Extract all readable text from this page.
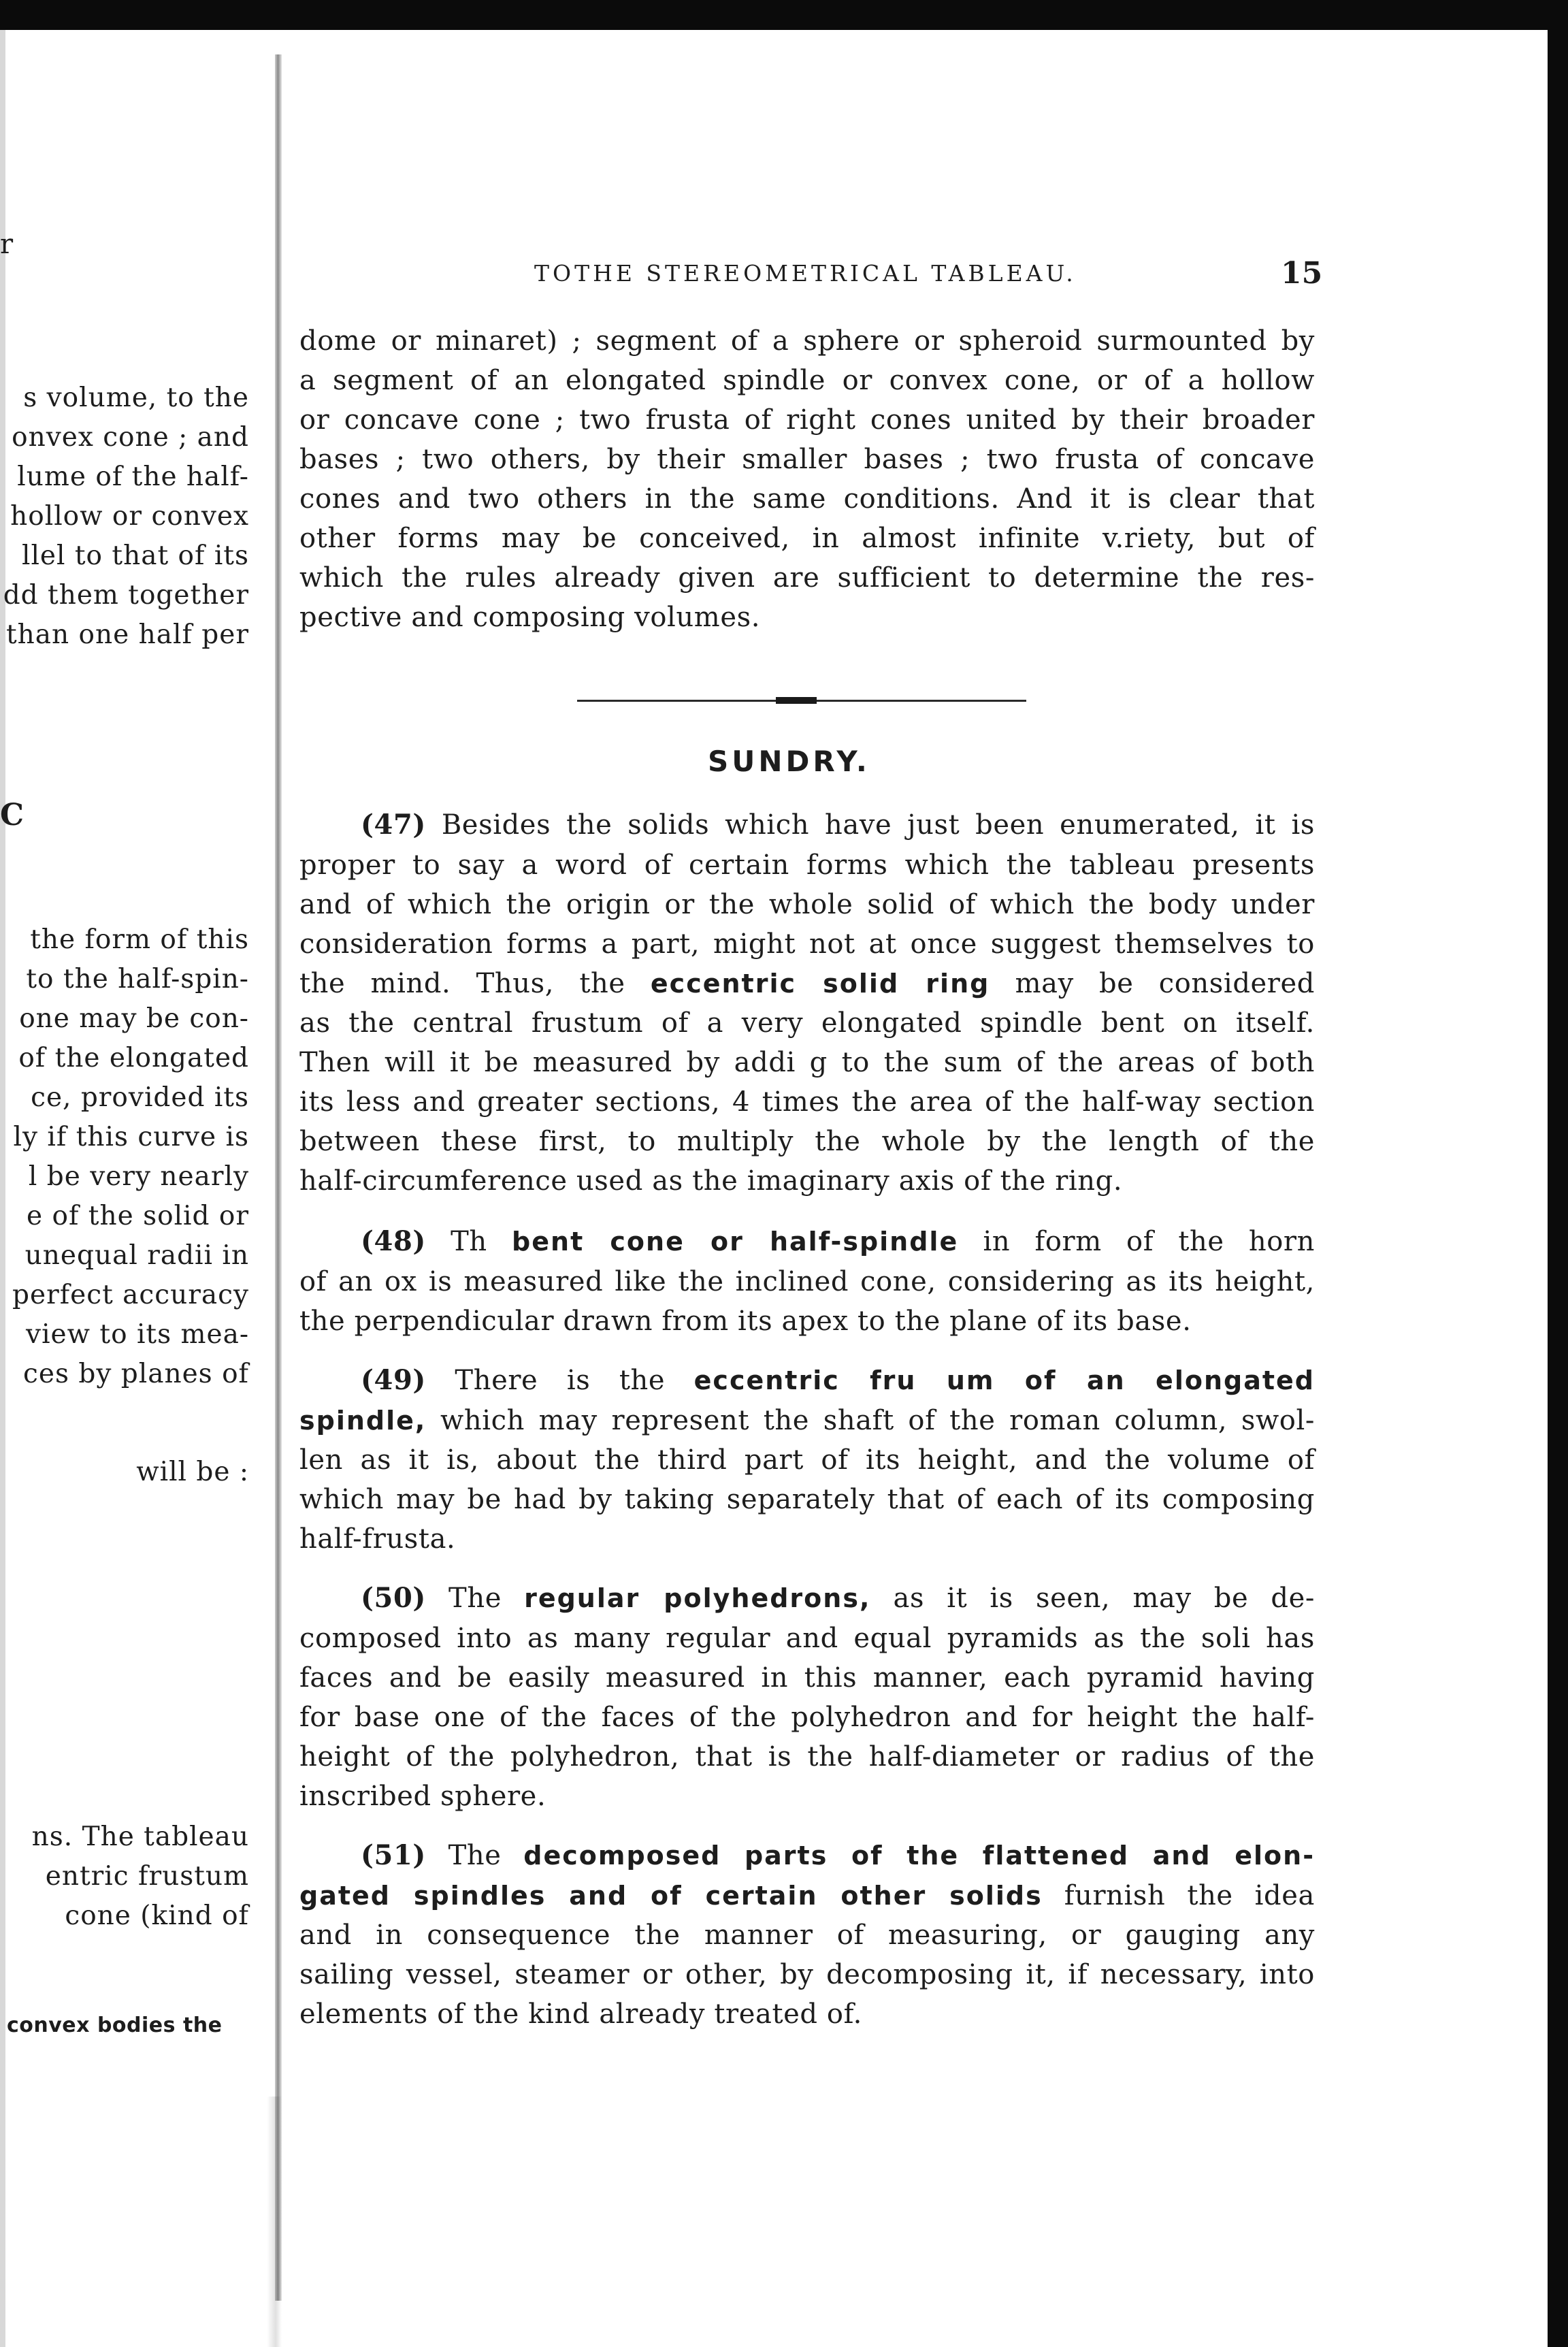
r
s volume, to the
onvex cone ; and
lume of the half-
hollow or convex
llel to that of its
dd them together
than one half per
C
the form of this
to the half-spin-
one may be con-
of the elongated
ce, provided its
ly if this curve is
l be very nearly
e of the solid or
unequal radii in
perfect accuracy
view to its mea-
ces by planes of
will be :
ns. The tableau
entric frustum
cone (kind of
convex bodies the
TOTHE STEREOMETRICAL TABLEAU.	15
dome or minaret) ; segment of a sphere or spheroid surmounted by
a segment of an elongated spindle or convex cone, or of a hollow
or concave cone ; two frusta of right cones united by their broader
bases ; two others, by their smaller bases ; two frusta of concave
cones and two others in the same conditions. And it is clear that
other forms may be conceived, in almost infinite v.riety, but of
which the rules already given are sufficient to determine the res-
pective and composing volumes.
SUNDRY.
(47) Besides the solids which have just been enumerated, it is
proper to say a word of certain forms which the tableau presents
and of which the origin or the whole solid of which the body under
consideration forms a part, might not at once suggest themselves to
the mind. Thus, the eccentric solid ring may be considered
as the central frustum of a very elongated spindle bent on itself.
Then will it be measured by addi g to the sum of the areas of both
its less and greater sections, 4 times the area of the half-way section
between these first, to multiply the whole by the length of the
half-circumference used as the imaginary axis of the ring.
(48) Th bent cone or half-spindle in form of the horn
of an ox is measured like the inclined cone, considering as its height,
the perpendicular drawn from its apex to the plane of its base.
(49) There is the eccentric fru um of an elongated
spindle, which may represent the shaft of the roman column, swol-
len as it is, about the third part of its height, and the volume of
which may be had by taking separately that of each of its composing
half-frusta.
(50) The regular polyhedrons, as it is seen, may be de-
composed into as many regular and equal pyramids as the soli has
faces and be easily measured in this manner, each pyramid having
for base one of the faces of the polyhedron and for height the half-
height of the polyhedron, that is the half-diameter or radius of the
inscribed sphere.
(51) The decomposed parts of the flattened and elon-
gated spindles and of certain other solids furnish the idea
and in consequence the manner of measuring, or gauging any
sailing vessel, steamer or other, by decomposing it, if necessary, into
elements of the kind already treated of.
